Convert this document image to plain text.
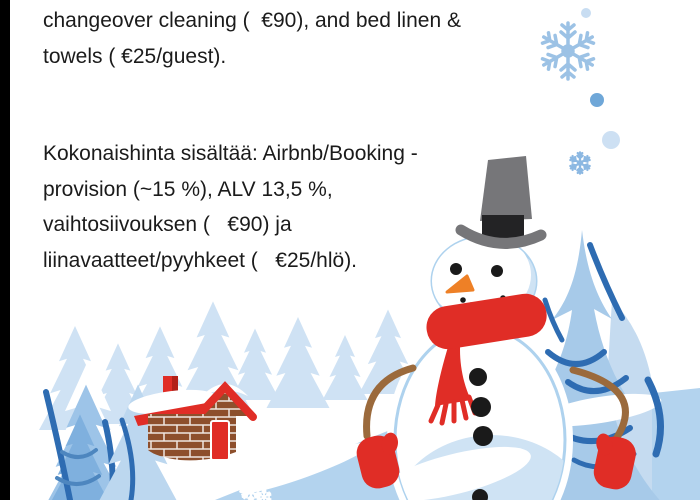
changeover cleaning (  €90), and bed linen &
towels ( €25/guest).
Kokonaishinta sisältää: Airbnb/Booking -
provision (~15 %), ALV 13,5 %,
vaihtosiivouksen (   €90) ja
liinavaatteet/pyyhkeet (   €25/hlö).
